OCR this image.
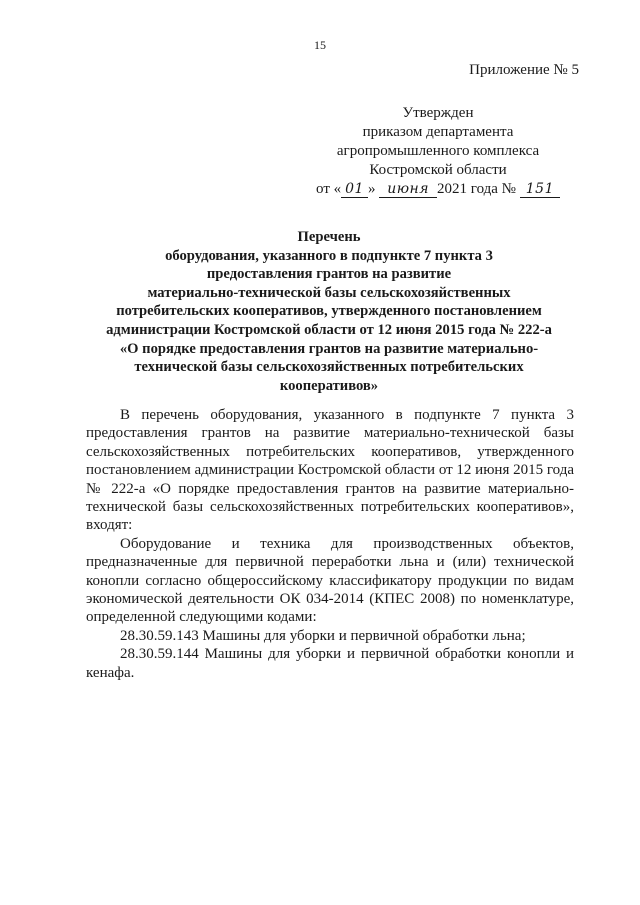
15
Приложение № 5
Утвержден
приказом департамента
агропромышленного комплекса
Костромской области
от « 01 » июня 2021 года № 151
Перечень
оборудования, указанного в подпункте 7 пункта 3
предоставления грантов на развитие
материально-технической базы сельскохозяйственных
потребительских кооперативов, утвержденного постановлением
администрации Костромской области от 12 июня 2015 года № 222-а
«О порядке предоставления грантов на развитие материально-
технической базы сельскохозяйственных потребительских
кооперативов»

В перечень оборудования, указанного в подпункте 7 пункта 3 предоставления грантов на развитие материально-технической базы сельскохозяйственных потребительских кооперативов, утвержденного постановлением администрации Костромской области от 12 июня 2015 года № 222-а «О порядке предоставления грантов на развитие материально-технической базы сельскохозяйственных потребительских кооперативов», входят:

Оборудование и техника для производственных объектов, предназначенные для первичной переработки льна и (или) технической конопли согласно общероссийскому классификатору продукции по видам экономической деятельности ОК 034-2014 (КПЕС 2008) по номенклатуре, определенной следующими кодами:

28.30.59.143 Машины для уборки и первичной обработки льна;

28.30.59.144 Машины для уборки и первичной обработки конопли и кенафа.
